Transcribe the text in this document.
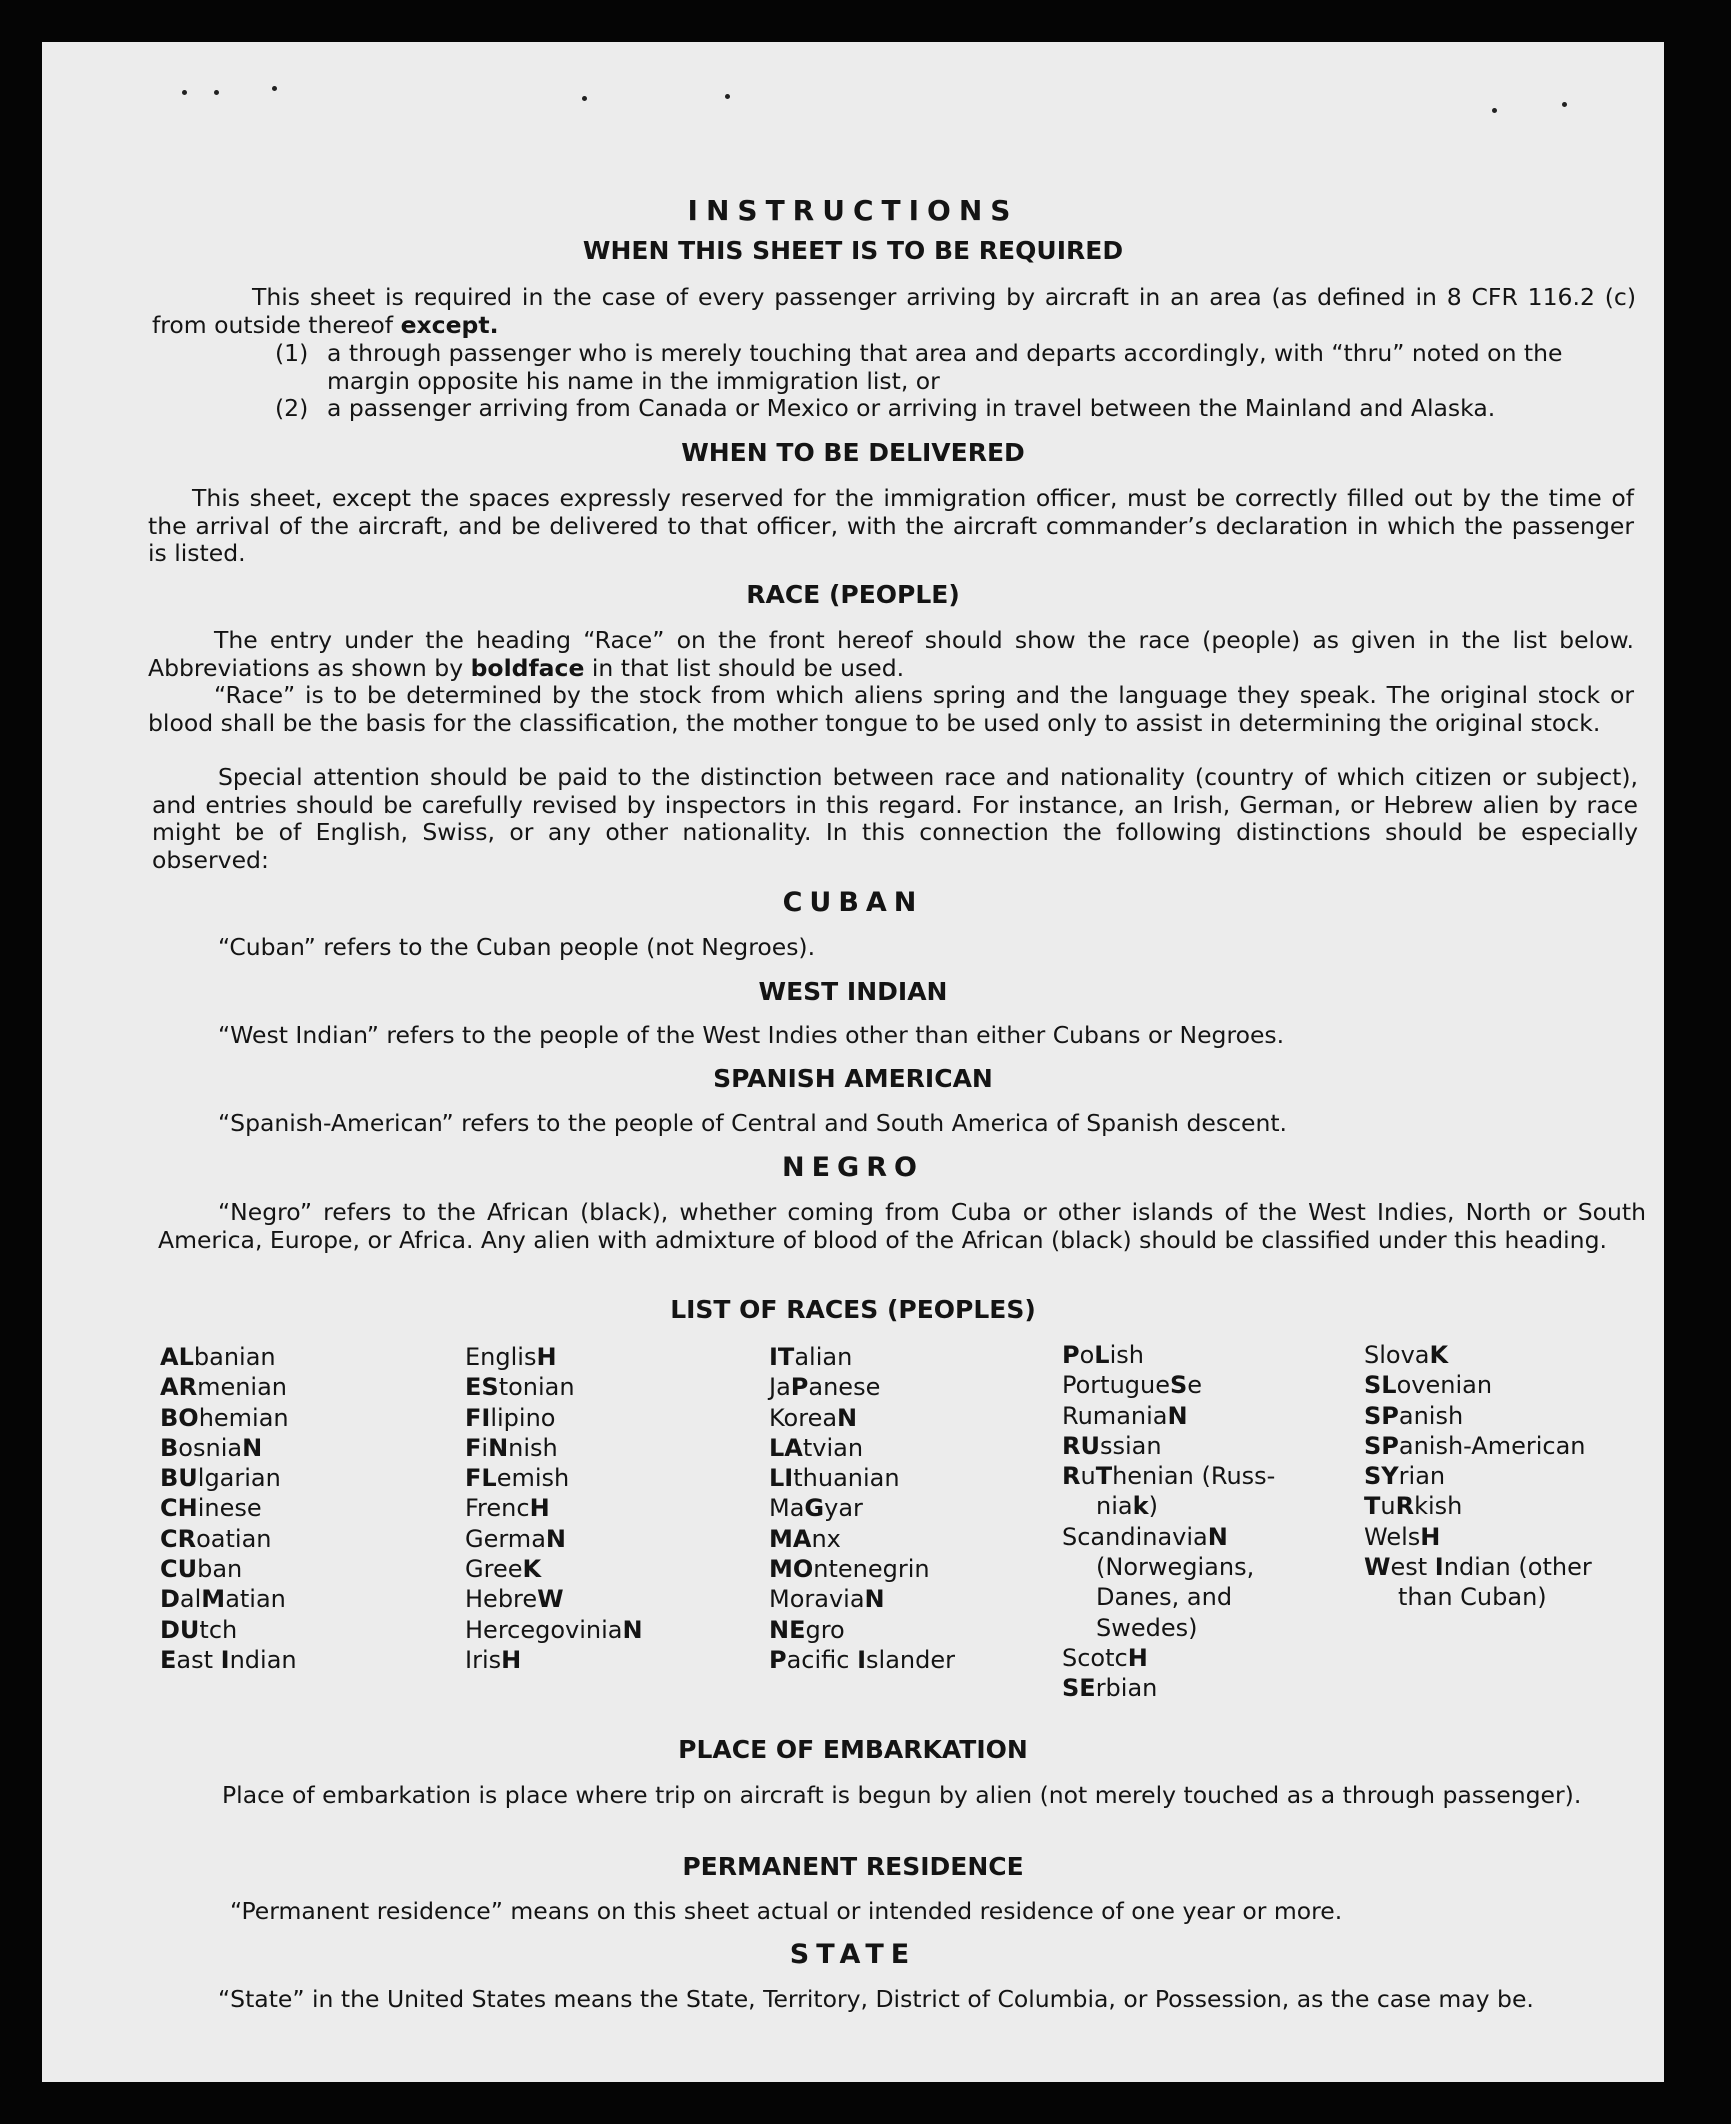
INSTRUCTIONS
WHEN THIS SHEET IS TO BE REQUIRED
This sheet is required in the case of every passenger arriving by aircraft in an area (as defined in 8 CFR 116.2 (c) from outside thereof except.
(1) a through passenger who is merely touching that area and departs accordingly, with “thru” noted on the margin opposite his name in the immigration list, or
(2) a passenger arriving from Canada or Mexico or arriving in travel between the Mainland and Alaska.
WHEN TO BE DELIVERED
This sheet, except the spaces expressly reserved for the immigration officer, must be correctly filled out by the time of the arrival of the aircraft, and be delivered to that officer, with the aircraft commander’s declaration in which the passenger is listed.
RACE (PEOPLE)
The entry under the heading “Race” on the front hereof should show the race (people) as given in the list below. Abbreviations as shown by boldface in that list should be used.
“Race” is to be determined by the stock from which aliens spring and the language they speak. The original stock or blood shall be the basis for the classification, the mother tongue to be used only to assist in determining the original stock.
Special attention should be paid to the distinction between race and nationality (country of which citizen or subject), and entries should be carefully revised by inspectors in this regard. For instance, an Irish, German, or Hebrew alien by race might be of English, Swiss, or any other nationality. In this connection the following distinctions should be especially observed:
CUBAN
“Cuban” refers to the Cuban people (not Negroes).
WEST INDIAN
“West Indian” refers to the people of the West Indies other than either Cubans or Negroes.
SPANISH AMERICAN
“Spanish-American” refers to the people of Central and South America of Spanish descent.
NEGRO
“Negro” refers to the African (black), whether coming from Cuba or other islands of the West Indies, North or South America, Europe, or Africa. Any alien with admixture of blood of the African (black) should be classified under this heading.
LIST OF RACES (PEOPLES)
ALbanian
ARmenian
BOhemian
BosniaN
BUlgarian
CHinese
CRoatian
CUban
DalMatian
DUtch
East Indian
EnglisH
EStonian
FIlipino
FiNnish
FLemish
FrencH
GermaN
GreeK
HebreW
HercegoviniaN
IrisH
ITalian
JaPanese
KoreaN
LAtvian
LIthuanian
MaGyar
MAnx
MOntenegrin
MoraviaN
NEgro
Pacific Islander
PoLish
PortugueSe
RumaniaN
RUssian
RuThenian (Russ-
niak)
ScandinaviaN
(Norwegians,
Danes, and
Swedes)
ScotcH
SErbian
SlovaK
SLovenian
SPanish
SPanish-American
SYrian
TuRkish
WelsH
West Indian (other
than Cuban)
PLACE OF EMBARKATION
Place of embarkation is place where trip on aircraft is begun by alien (not merely touched as a through passenger).
PERMANENT RESIDENCE
“Permanent residence” means on this sheet actual or intended residence of one year or more.
STATE
“State” in the United States means the State, Territory, District of Columbia, or Possession, as the case may be.
